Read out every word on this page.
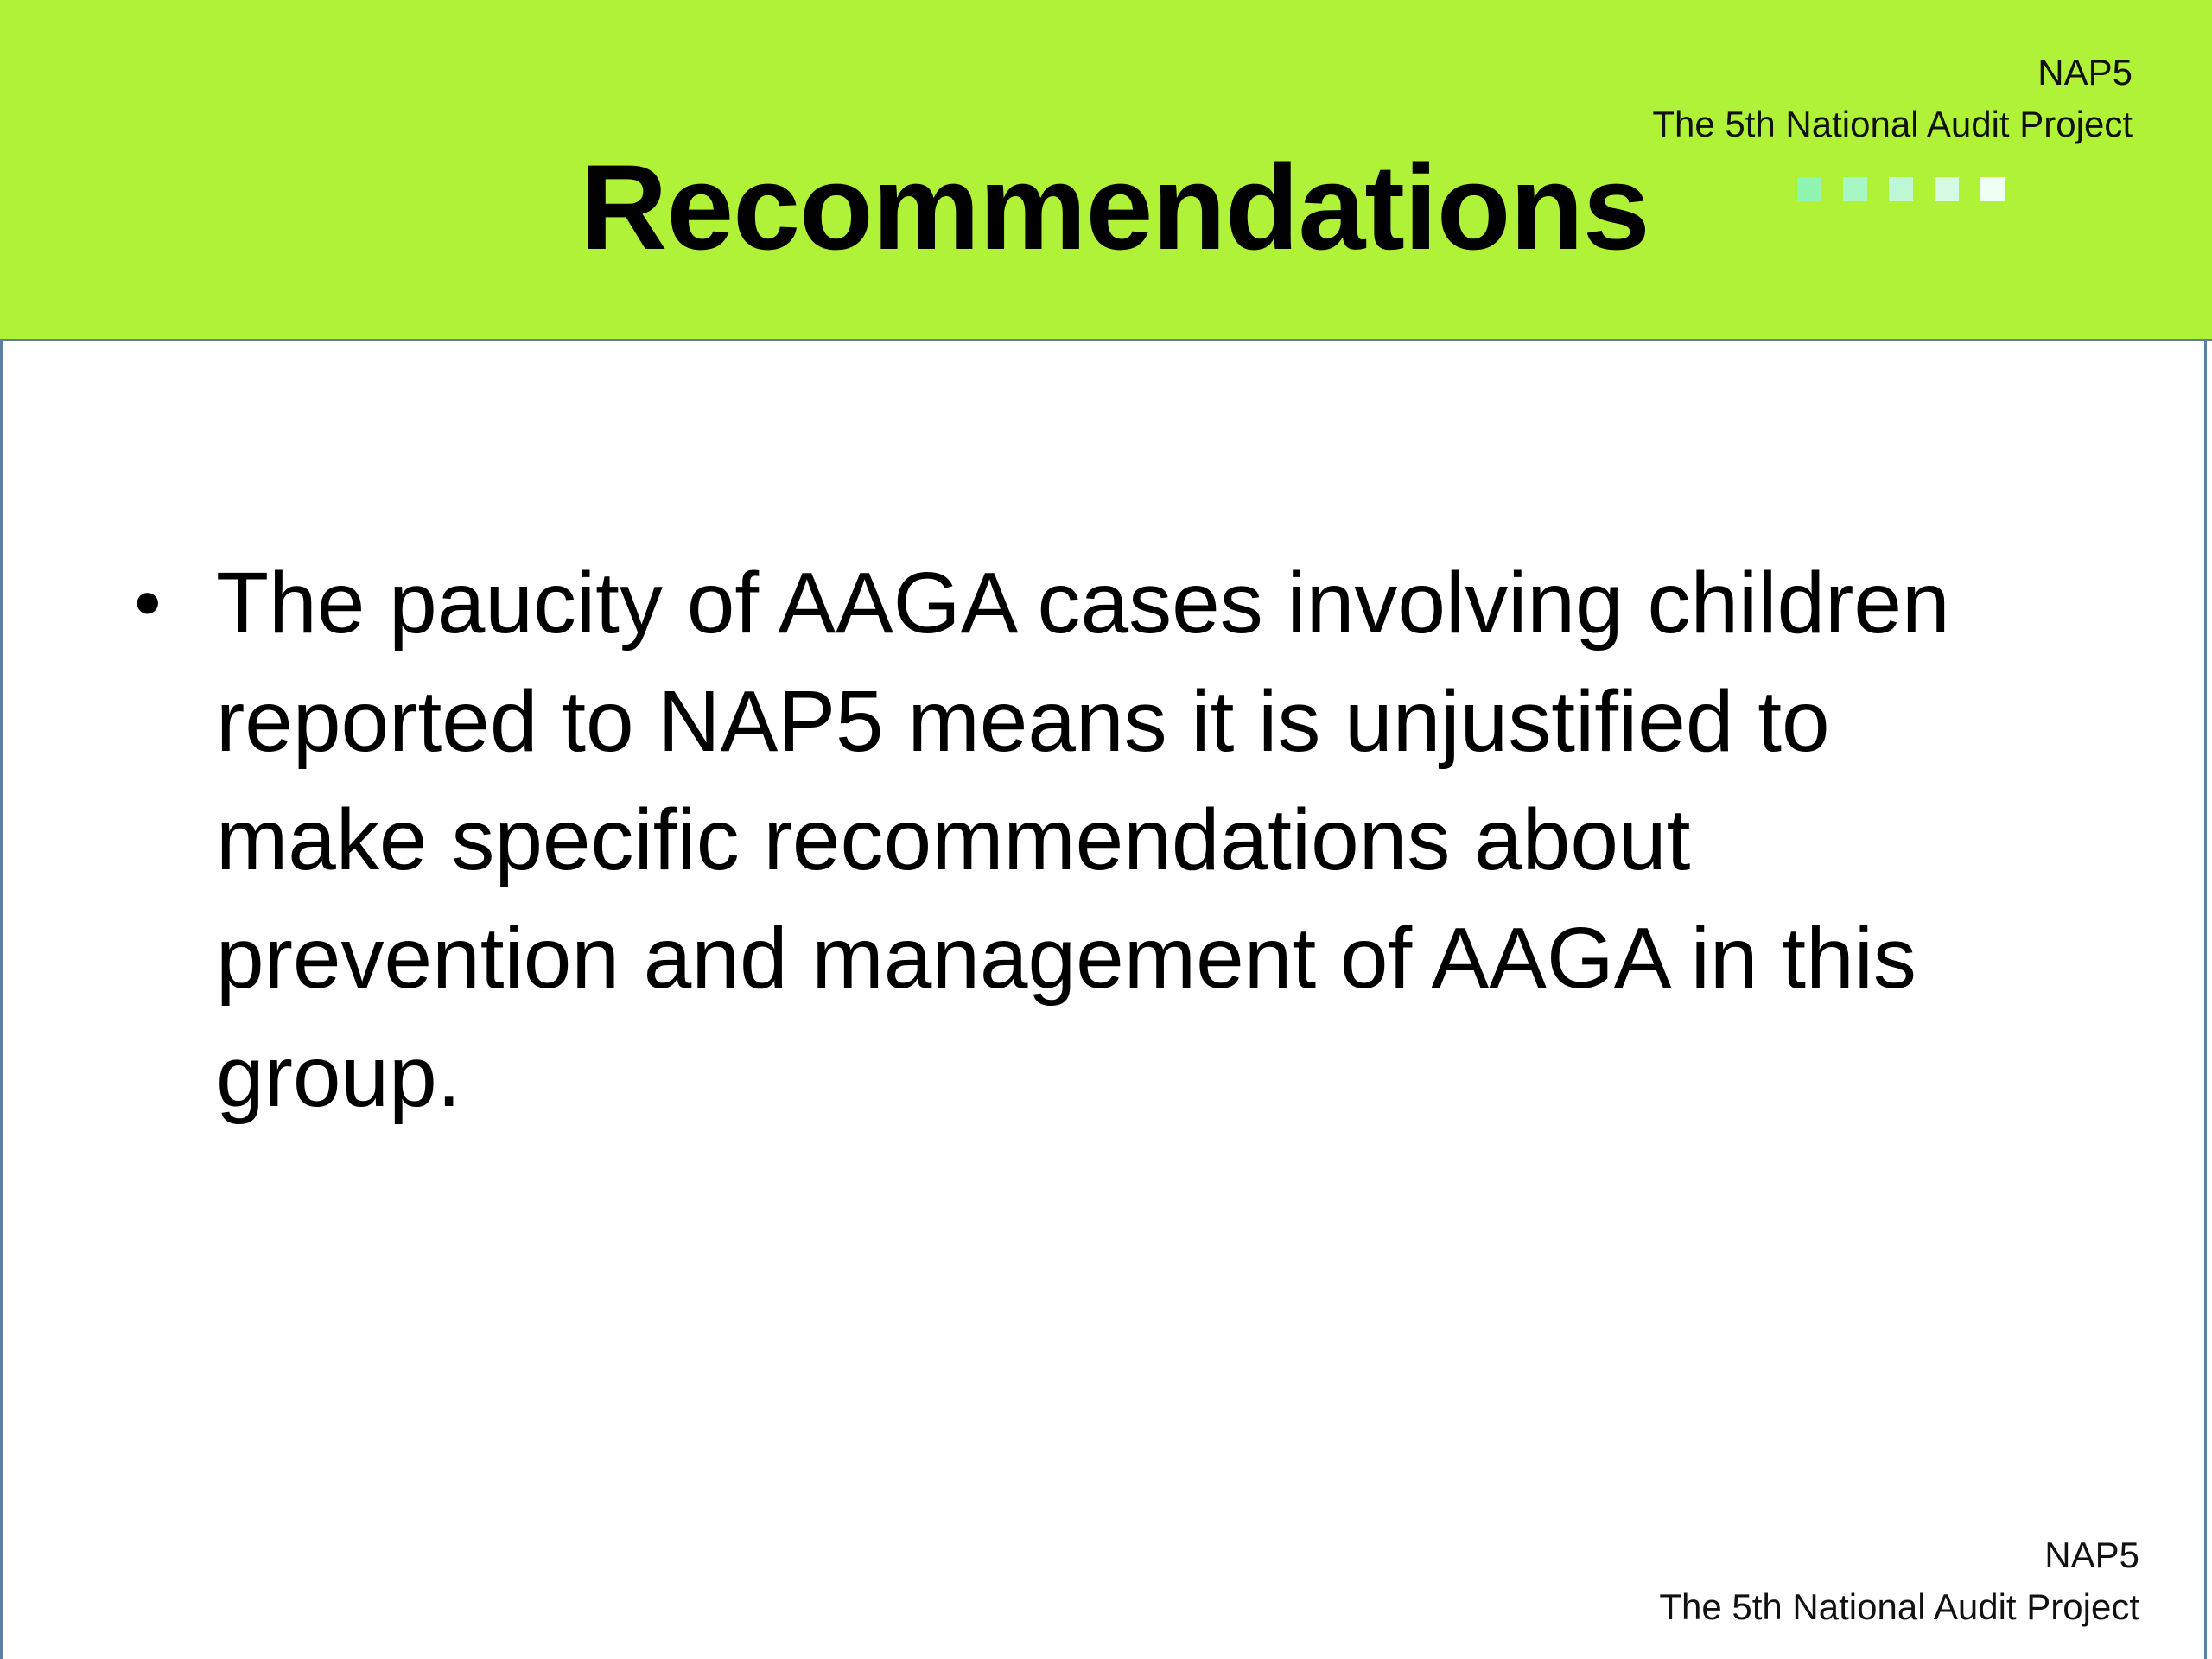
NAP5
The 5th National Audit Project
Recommendations
• The paucity of AAGA cases involving children reported to NAP5 means it is unjustified to make specific recommendations about prevention and management of AAGA in this group.
NAP5
The 5th National Audit Project
